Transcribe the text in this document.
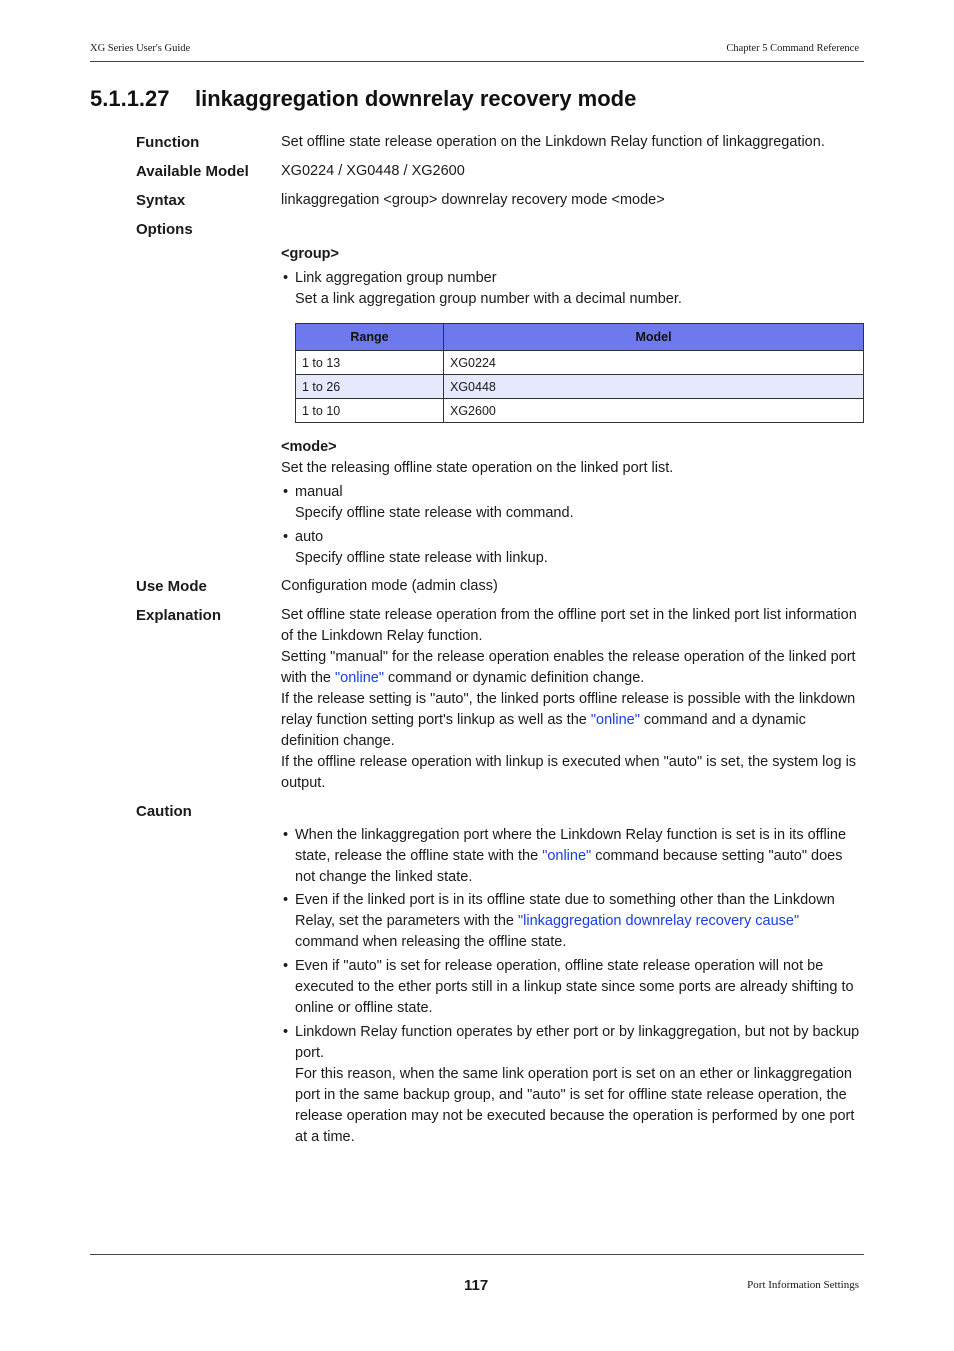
XG Series User's Guide	Chapter 5 Command Reference
5.1.1.27 linkaggregation downrelay recovery mode
Function	Set offline state release operation on the Linkdown Relay function of linkaggregation.
Available Model XG0224 / XG0448 / XG2600
Syntax	linkaggregation <group> downrelay recovery mode <mode>
Options
<group>
• Link aggregation group number
Set a link aggregation group number with a decimal number.
Range	Model
1 to 13	XG0224
1 to 26	XG0448
1 to 10	XG2600
<mode>
Set the releasing offline state operation on the linked port list.
• manual
Specify offline state release with command.
• auto
Specify offline state release with linkup.
Use Mode	Configuration mode (admin class)
Explanation	Set offline state release operation from the offline port set in the linked port list information of the Linkdown Relay function.
Setting "manual" for the release operation enables the release operation of the linked port with the "online" command or dynamic definition change.
If the release setting is "auto", the linked ports offline release is possible with the linkdown relay function setting port's linkup as well as the "online" command and a dynamic definition change.
If the offline release operation with linkup is executed when "auto" is set, the system log is output.
Caution
• When the linkaggregation port where the Linkdown Relay function is set is in its offline state, release the offline state with the "online" command because setting "auto" does not change the linked state.
• Even if the linked port is in its offline state due to something other than the Linkdown Relay, set the parameters with the "linkaggregation downrelay recovery cause" command when releasing the offline state.
• Even if "auto" is set for release operation, offline state release operation will not be executed to the ether ports still in a linkup state since some ports are already shifting to online or offline state.
• Linkdown Relay function operates by ether port or by linkaggregation, but not by backup port.
For this reason, when the same link operation port is set on an ether or linkaggregation port in the same backup group, and "auto" is set for offline state release operation, the release operation may not be executed because the operation is performed by one port at a time.
117	Port Information Settings
